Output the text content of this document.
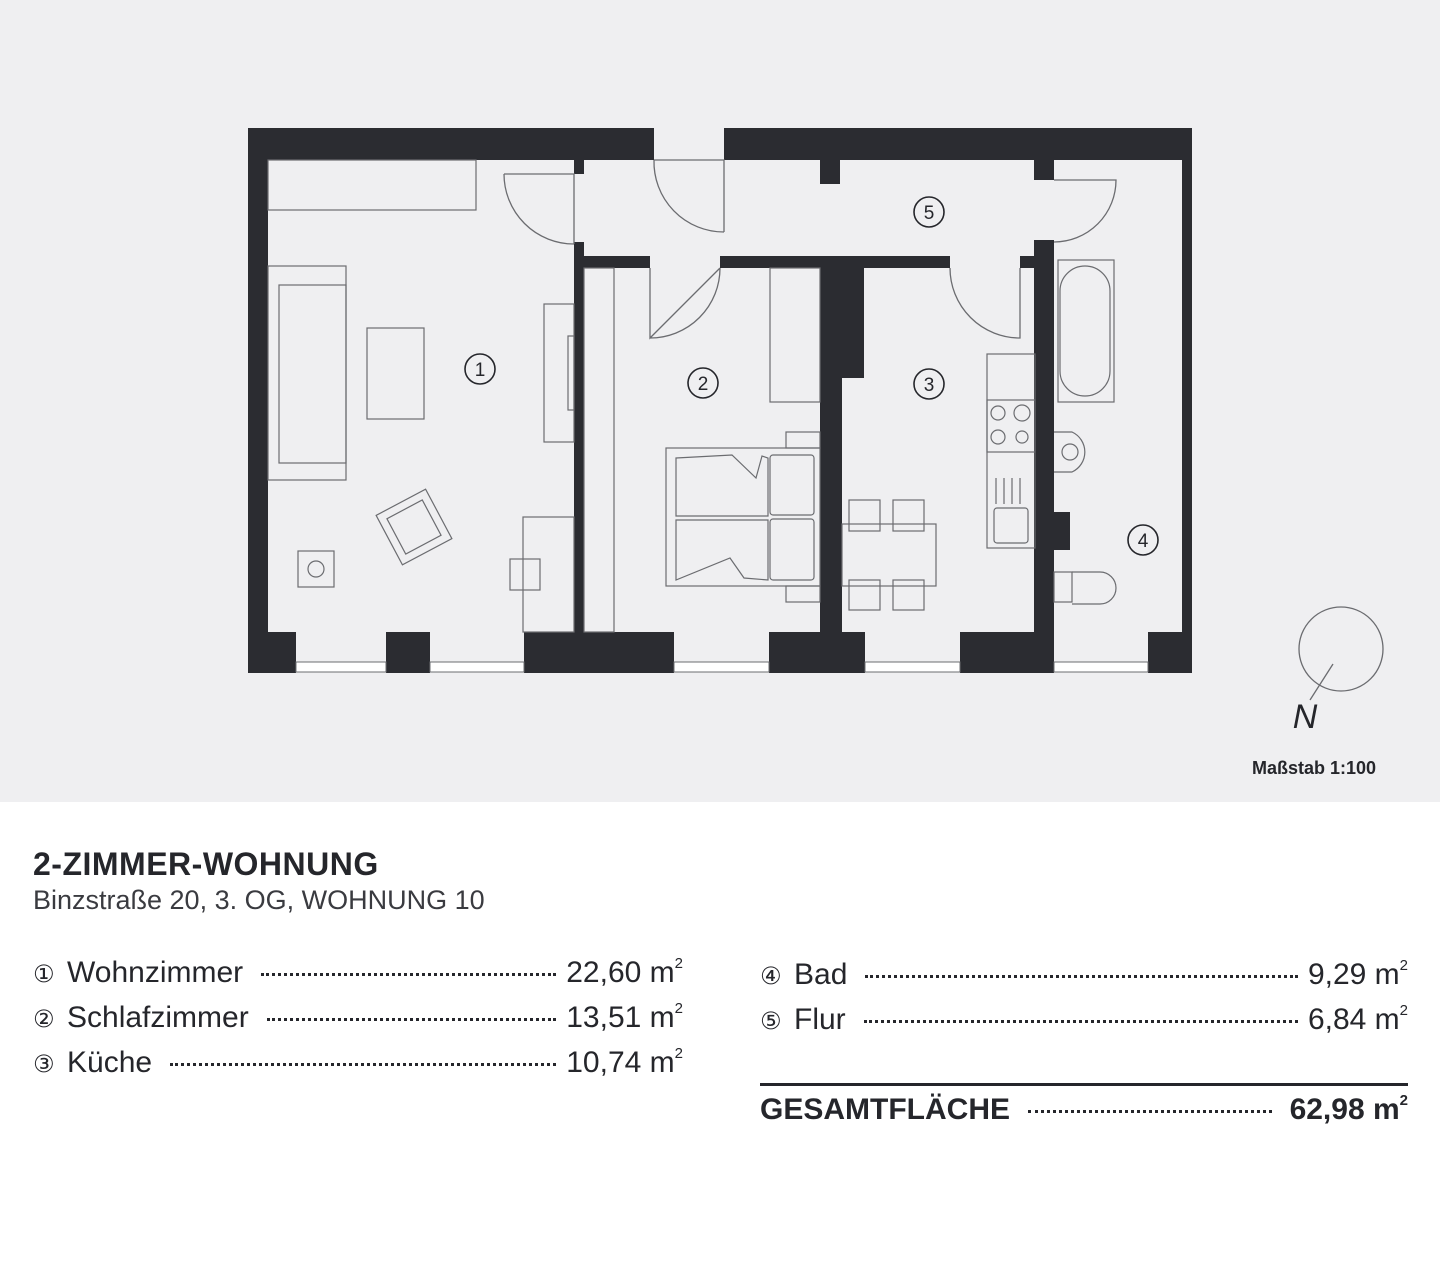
1
2	3
4
5
N
Maßstab 1:100
2-ZIMMER-WOHNUNG
Binzstraße 20, 3. OG, WOHNUNG 10
① Wohnzimmer	22,60 $m^2$
② Schlafzimmer	13,51 $m^2$
③ Küche	10,74 $m^2$
④ Bad	9,29 $m^2$
⑤ Flur	6,84 $m^2$
GESAMTFLÄCHE	62,98 $m^2$
